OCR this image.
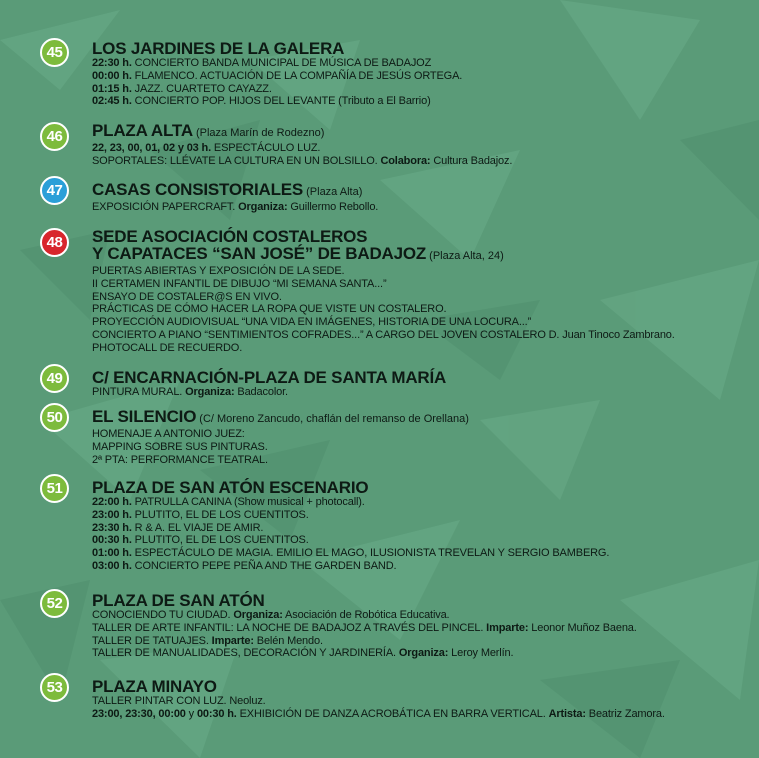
45	LOS JARDINES DE LA GALERA
22:30 h. CONCIERTO BANDA MUNICIPAL DE MÚSICA DE BADAJOZ
00:00 h. FLAMENCO. ACTUACIÓN DE LA COMPAÑÍA DE JESÚS ORTEGA.
01:15 h. JAZZ. CUARTETO CAYAZZ.
02:45 h. CONCIERTO POP. HIJOS DEL LEVANTE (Tributo a El Barrio)
46	PLAZA ALTA (Plaza Marín de Rodezno)
22, 23, 00, 01, 02 y 03 h. ESPECTÁCULO LUZ.
SOPORTALES: LLÉVATE LA CULTURA EN UN BOLSILLO. Colabora: Cultura Badajoz.
47	CASAS CONSISTORIALES (Plaza Alta)
EXPOSICIÓN PAPERCRAFT. Organiza: Guillermo Rebollo.
48	SEDE ASOCIACIÓN COSTALEROS
Y CAPATACES “SAN JOSÉ” DE BADAJOZ (Plaza Alta, 24)
PUERTAS ABIERTAS Y EXPOSICIÓN DE LA SEDE.
II CERTAMEN INFANTIL DE DIBUJO “MI SEMANA SANTA...”
ENSAYO DE COSTALER@S EN VIVO.
PRÁCTICAS DE CÓMO HACER LA ROPA QUE VISTE UN COSTALERO.
PROYECCIÓN AUDIOVISUAL “UNA VIDA EN IMÁGENES, HISTORIA DE UNA LOCURA...”
CONCIERTO A PIANO “SENTIMIENTOS COFRADES...” A CARGO DEL JOVEN COSTALERO D. Juan Tinoco Zambrano.
PHOTOCALL DE RECUERDO.
49	C/ ENCARNACIÓN-PLAZA DE SANTA MARÍA
PINTURA MURAL. Organiza: Badacolor.
50	EL SILENCIO (C/ Moreno Zancudo, chaflán del remanso de Orellana)
HOMENAJE A ANTONIO JUEZ:
MAPPING SOBRE SUS PINTURAS.
2ª PTA: PERFORMANCE TEATRAL.
51	PLAZA DE SAN ATÓN ESCENARIO
22:00 h. PATRULLA CANINA (Show musical + photocall).
23:00 h. PLUTITO, EL DE LOS CUENTITOS.
23:30 h. R & A. EL VIAJE DE AMIR.
00:30 h. PLUTITO, EL DE LOS CUENTITOS.
01:00 h. ESPECTÁCULO DE MAGIA. EMILIO EL MAGO, ILUSIONISTA TREVELAN Y SERGIO BAMBERG.
03:00 h. CONCIERTO PEPE PEÑA AND THE GARDEN BAND.
52	PLAZA DE SAN ATÓN
CONOCIENDO TU CIUDAD. Organiza: Asociación de Robótica Educativa.
TALLER DE ARTE INFANTIL: LA NOCHE DE BADAJOZ A TRAVÉS DEL PINCEL. Imparte: Leonor Muñoz Baena.
TALLER DE TATUAJES. Imparte: Belén Mendo.
TALLER DE MANUALIDADES, DECORACIÓN Y JARDINERÍA. Organiza: Leroy Merlín.
53	PLAZA MINAYO
TALLER PINTAR CON LUZ. Neoluz.
23:00, 23:30, 00:00 y 00:30 h. EXHIBICIÓN DE DANZA ACROBÁTICA EN BARRA VERTICAL. Artista: Beatriz Zamora.
